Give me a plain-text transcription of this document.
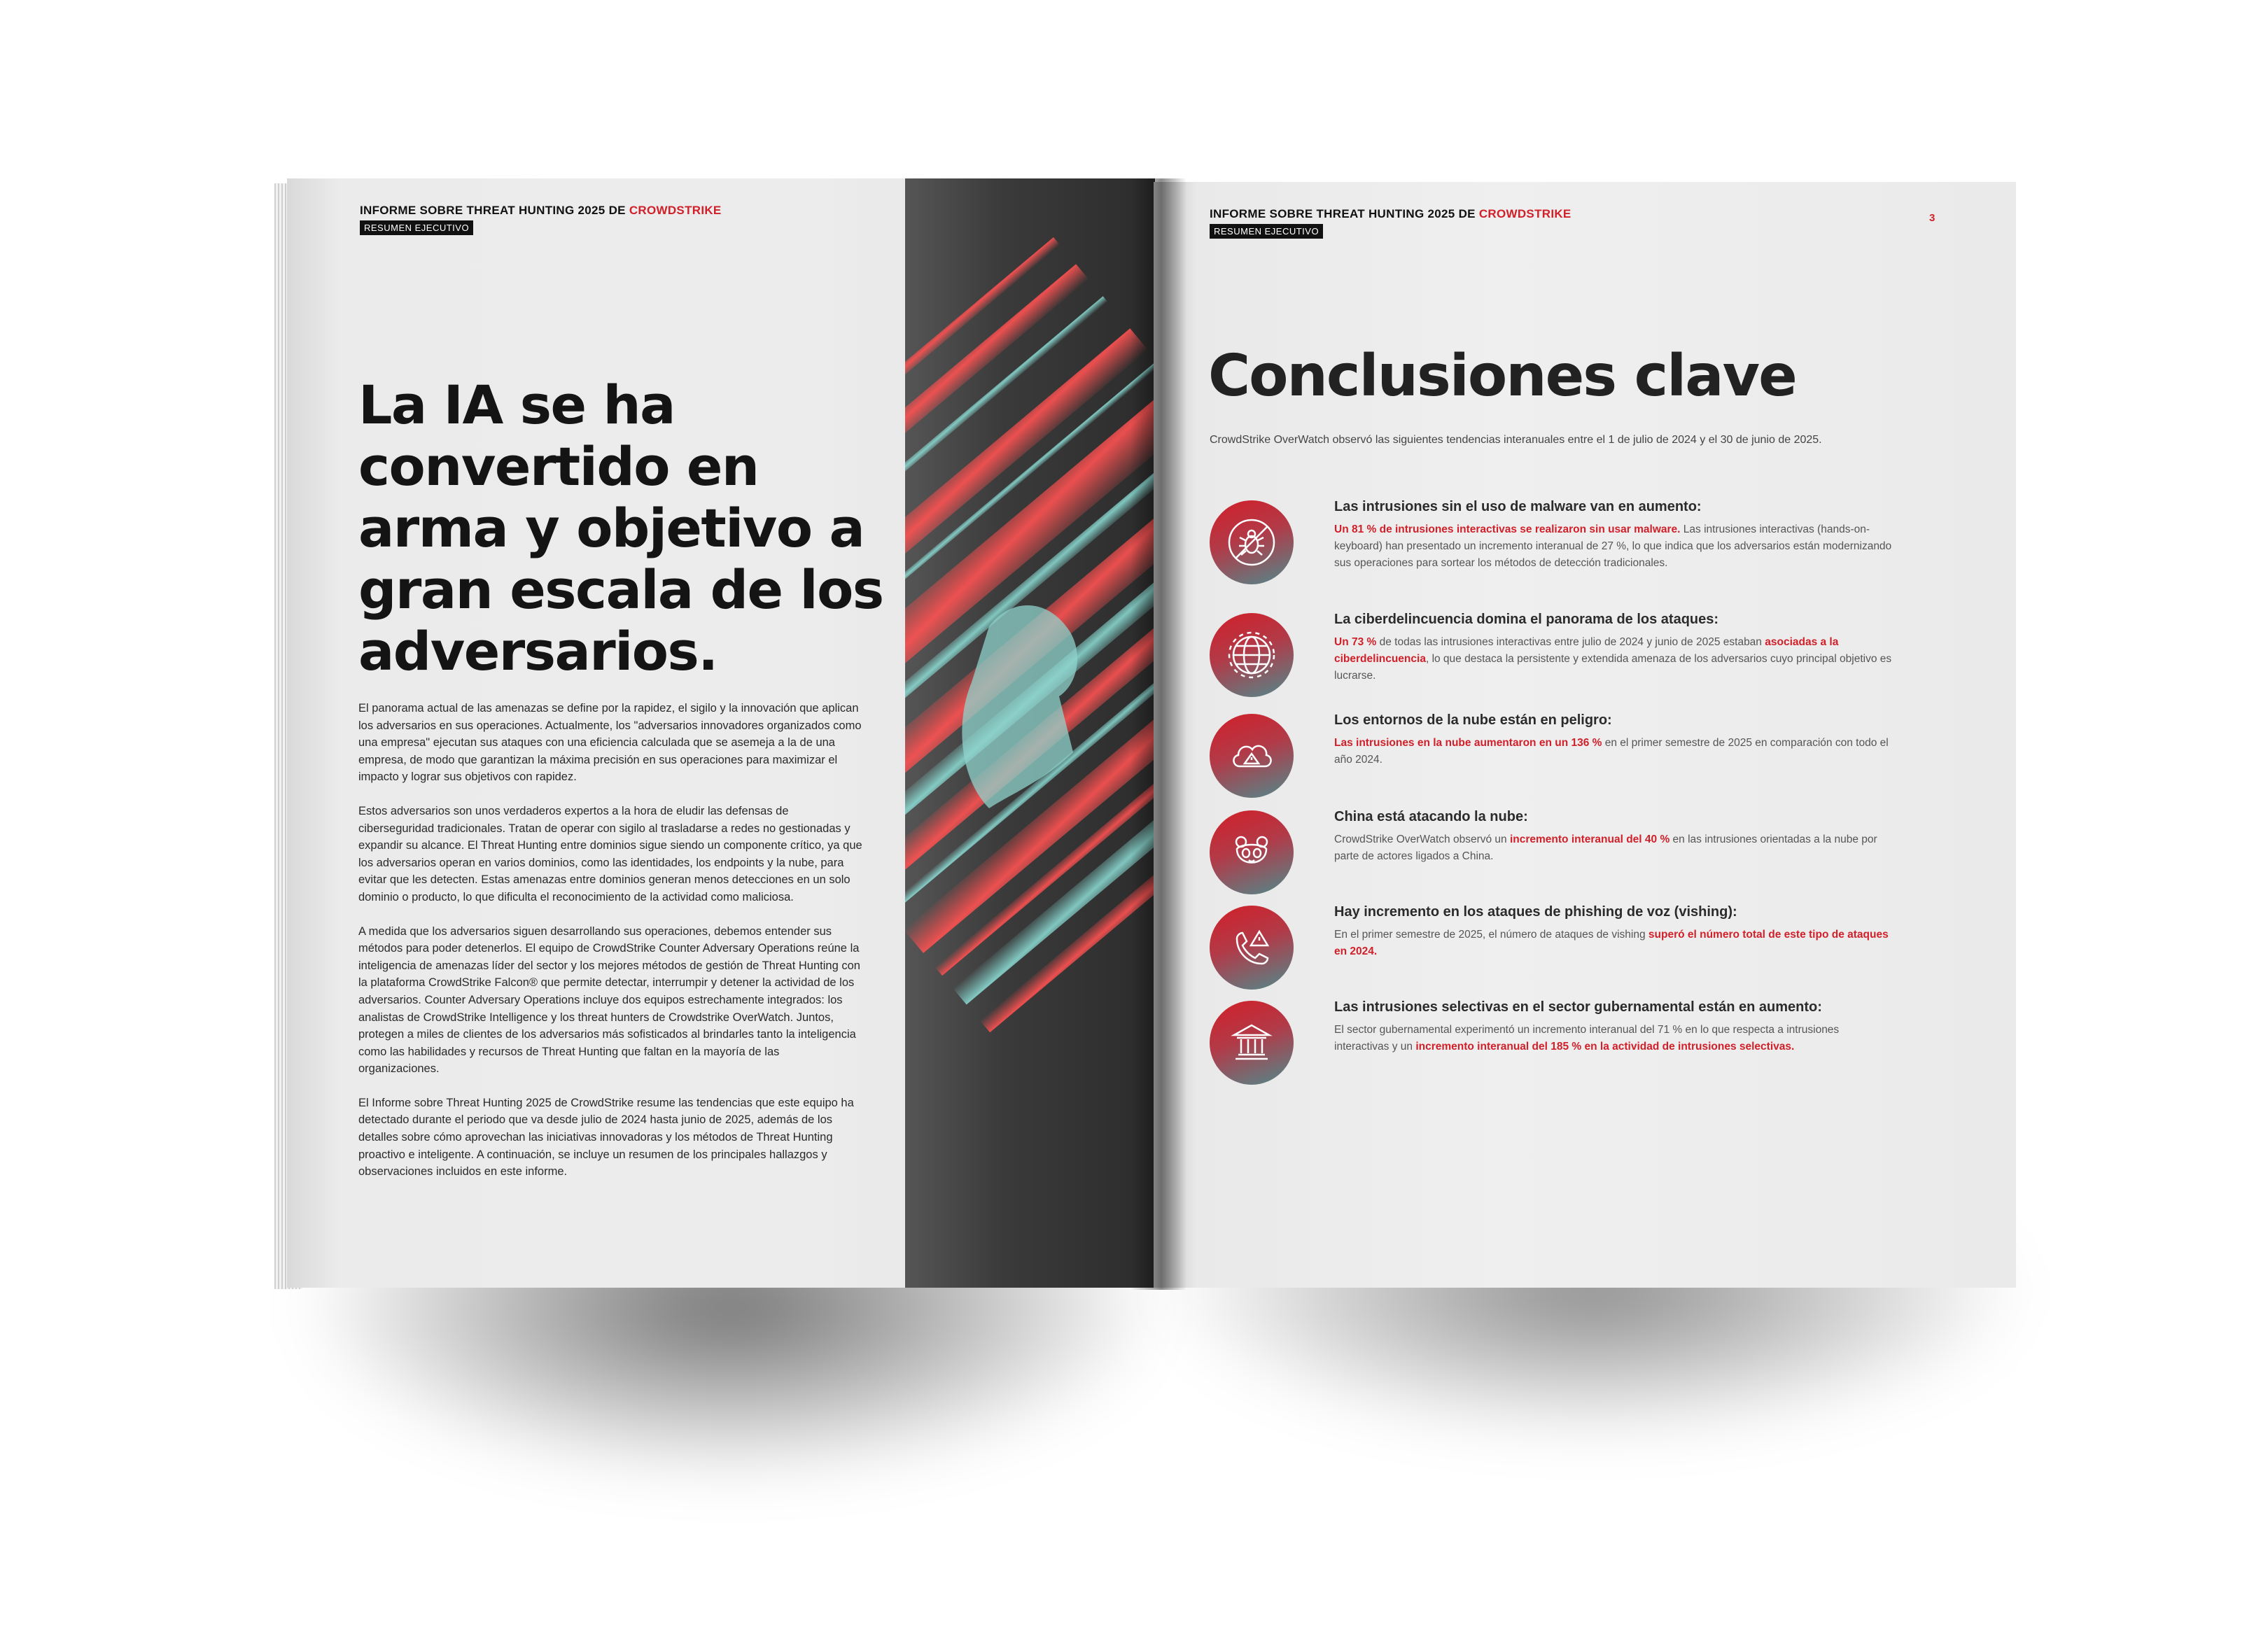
INFORME SOBRE THREAT HUNTING 2025 DE CROWDSTRIKE
RESUMEN EJECUTIVO
La IA se ha convertido en arma y objetivo a gran escala de los adversarios.

El panorama actual de las amenazas se define por la rapidez, el sigilo y la innovación que aplican los adversarios en sus operaciones. Actualmente, los "adversarios innovadores organizados como una empresa" ejecutan sus ataques con una eficiencia calculada que se asemeja a la de una empresa, de modo que garantizan la máxima precisión en sus operaciones para maximizar el impacto y lograr sus objetivos con rapidez.

Estos adversarios son unos verdaderos expertos a la hora de eludir las defensas de ciberseguridad tradicionales. Tratan de operar con sigilo al trasladarse a redes no gestionadas y expandir su alcance. El Threat Hunting entre dominios sigue siendo un componente crítico, ya que los adversarios operan en varios dominios, como las identidades, los endpoints y la nube, para evitar que les detecten. Estas amenazas entre dominios generan menos detecciones en un solo dominio o producto, lo que dificulta el reconocimiento de la actividad como maliciosa.

A medida que los adversarios siguen desarrollando sus operaciones, debemos entender sus métodos para poder detenerlos. El equipo de CrowdStrike Counter Adversary Operations reúne la inteligencia de amenazas líder del sector y los mejores métodos de gestión de Threat Hunting con la plataforma CrowdStrike Falcon® que permite detectar, interrumpir y detener la actividad de los adversarios. Counter Adversary Operations incluye dos equipos estrechamente integrados: los analistas de CrowdStrike Intelligence y los threat hunters de Crowdstrike OverWatch. Juntos, protegen a miles de clientes de los adversarios más sofisticados al brindarles tanto la inteligencia como las habilidades y recursos de Threat Hunting que faltan en la mayoría de las organizaciones.

El Informe sobre Threat Hunting 2025 de CrowdStrike resume las tendencias que este equipo ha detectado durante el periodo que va desde julio de 2024 hasta junio de 2025, además de los detalles sobre cómo aprovechan las iniciativas innovadoras y los métodos de Threat Hunting proactivo e inteligente. A continuación, se incluye un resumen de los principales hallazgos y observaciones incluidos en este informe.

INFORME SOBRE THREAT HUNTING 2025 DE CROWDSTRIKE
RESUMEN EJECUTIVO
3
Conclusiones clave
CrowdStrike OverWatch observó las siguientes tendencias interanuales entre el 1 de julio de 2024 y el 30 de junio de 2025.
Las intrusiones sin el uso de malware van en aumento:
Un 81 % de intrusiones interactivas se realizaron sin usar malware. Las intrusiones interactivas (hands-on-keyboard) han presentado un incremento interanual de 27 %, lo que indica que los adversarios están modernizando sus operaciones para sortear los métodos de detección tradicionales.
La ciberdelincuencia domina el panorama de los ataques:
Un 73 % de todas las intrusiones interactivas entre julio de 2024 y junio de 2025 estaban asociadas a la ciberdelincuencia, lo que destaca la persistente y extendida amenaza de los adversarios cuyo principal objetivo es lucrarse.
Los entornos de la nube están en peligro:
Las intrusiones en la nube aumentaron en un 136 % en el primer semestre de 2025 en comparación con todo el año 2024.
China está atacando la nube:
CrowdStrike OverWatch observó un incremento interanual del 40 % en las intrusiones orientadas a la nube por parte de actores ligados a China.
Hay incremento en los ataques de phishing de voz (vishing):
En el primer semestre de 2025, el número de ataques de vishing superó el número total de este tipo de ataques en 2024.
Las intrusiones selectivas en el sector gubernamental están en aumento:
El sector gubernamental experimentó un incremento interanual del 71 % en lo que respecta a intrusiones interactivas y un incremento interanual del 185 % en la actividad de intrusiones selectivas.
